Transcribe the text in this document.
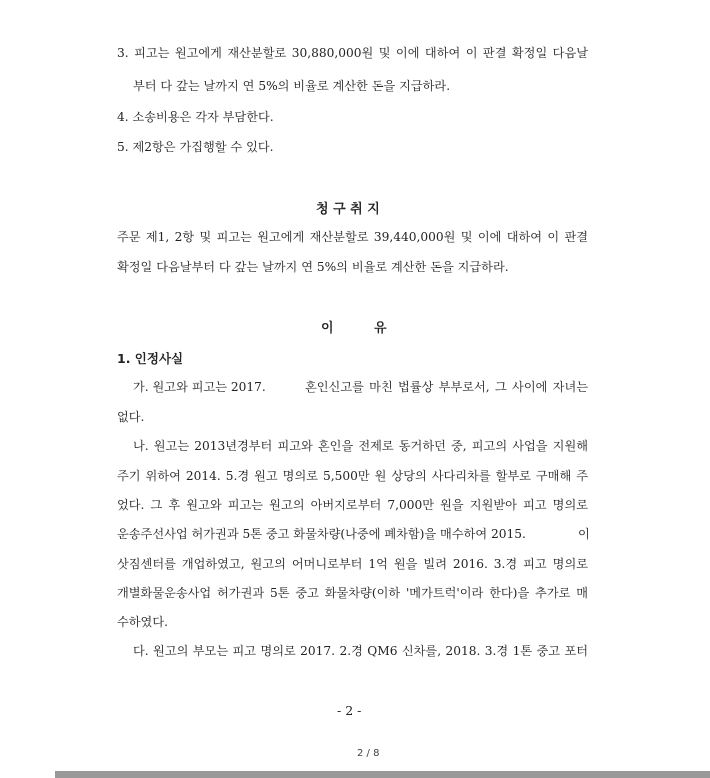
3. 피고는 원고에게 재산분할로 30,880,000원 및 이에 대하여 이 판결 확정일 다음날
부터 다 갚는 날까지 연 5%의 비율로 계산한 돈을 지급하라.
4. 소송비용은 각자 부담한다.
5. 제2항은 가집행할 수 있다.
청 구 취 지
주문 제1, 2항 및 피고는 원고에게 재산분할로 39,440,000원 및 이에 대하여 이 판결
확정일 다음날부터 다 갚는 날까지 연 5%의 비율로 계산한 돈을 지급하라.
이	유
1. 인정사실
가. 원고와 피고는 2017.	혼인신고를 마친 법률상 부부로서, 그 사이에 자녀는
없다.
나. 원고는 2013년경부터 피고와 혼인을 전제로 동거하던 중, 피고의 사업을 지원해
주기 위하여 2014. 5.경 원고 명의로 5,500만 원 상당의 사다리차를 할부로 구매해 주
었다. 그 후 원고와 피고는 원고의 아버지로부터 7,000만 원을 지원받아 피고 명의로
운송주선사업 허가권과 5톤 중고 화물차량(나중에 폐차함)을 매수하여 2015.	이
삿짐센터를 개업하였고, 원고의 어머니로부터 1억 원을 빌려 2016. 3.경 피고 명의로
개별화물운송사업 허가권과 5톤 중고 화물차량(이하 '메가트럭'이라 한다)을 추가로 매
수하였다.
다. 원고의 부모는 피고 명의로 2017. 2.경 QM6 신차를, 2018. 3.경 1톤 중고 포터
- 2 -
2 / 8
